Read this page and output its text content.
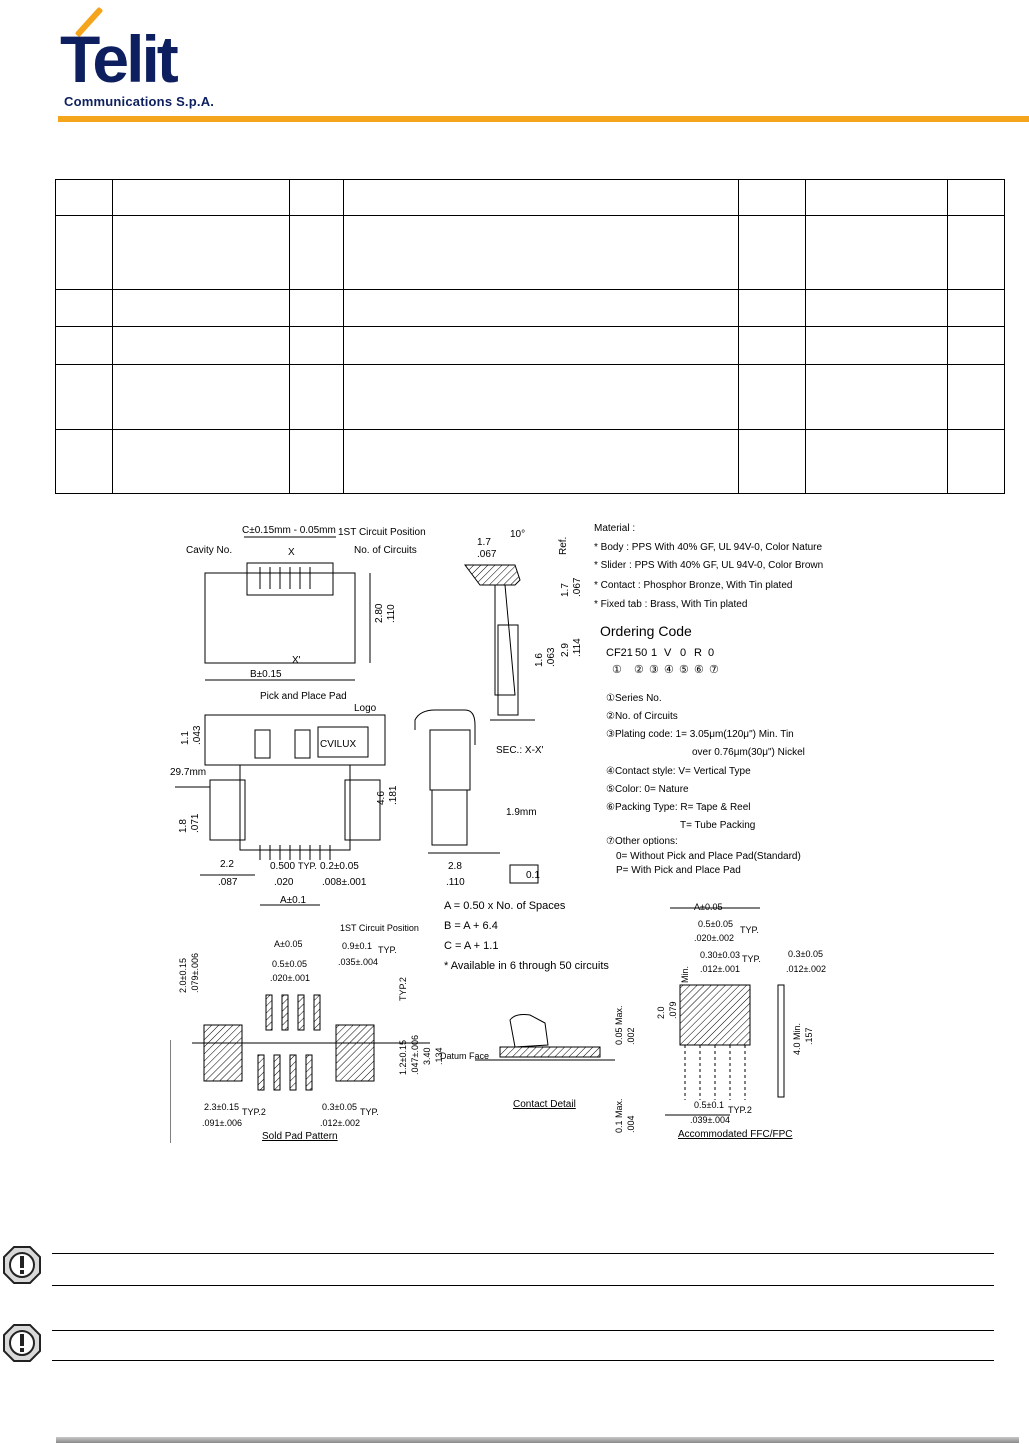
Telit
Communications S.p.A.

C±0.15mm - 0.05mm 1ST Circuit Position
Cavity No.	No. of Circuits
X
X'
B±0.15
2.80 .110
1.7
.067
10°
Ref.
1.7 .067
2.9 .114
1.6 .063
SEC.: X-X'
Pick and Place Pad
Logo
CVILUX
1.1 .043
29.7mm
4.6 .181
1.8 .071
2.2
.087
0.500
.020
TYP. 0.2±0.05
.008±.001
A±0.1
1.9mm
2.8
.110
0.1
Material :
* Body : PPS With 40% GF, UL 94V-0, Color Nature
* Slider : PPS With 40% GF, UL 94V-0, Color Brown
* Contact : Phosphor Bronze, With Tin plated
* Fixed tab : Brass, With Tin plated
Ordering Code
CF21 50 1 V 0 R 0
① ② ③ ④ ⑤ ⑥ ⑦
①Series No.
②No. of Circuits
③Plating code: 1= 3.05μm(120μ") Min. Tin
over 0.76μm(30μ") Nickel
④Contact style: V= Vertical Type
⑤Color: 0= Nature
⑥Packing Type: R= Tape & Reel
T= Tube Packing
⑦Other options:
0= Without Pick and Place Pad(Standard)
P= With Pick and Place Pad
A = 0.50 x No. of Spaces
B = A + 6.4
C = A + 1.1
* Available in 6 through 50 circuits
1ST Circuit Position
A±0.05	0.9±0.1 TYP.
.035±.004
0.5±0.05
.020±.001	TYP.2
2.0±0.15 .079±.006
1.2±0.15 .047±.006 3.40 .134
2.3±0.15 TYP.2
.091±.006
0.3±0.05 TYP.
.012±.002
Sold Pad Pattern
Datum Face
0.05 Max. .002
0.1 Max. .004
Contact Detail
A±0.05
0.5±0.05
TYP.
.020±.002
0.30±0.03 TYP.
.012±.001
2.0 .079
Min.
0.3±0.05
.012±.002
4.0 Min. .157
0.5±0.1 TYP.2
.039±.004
Accommodated FFC/FPC
